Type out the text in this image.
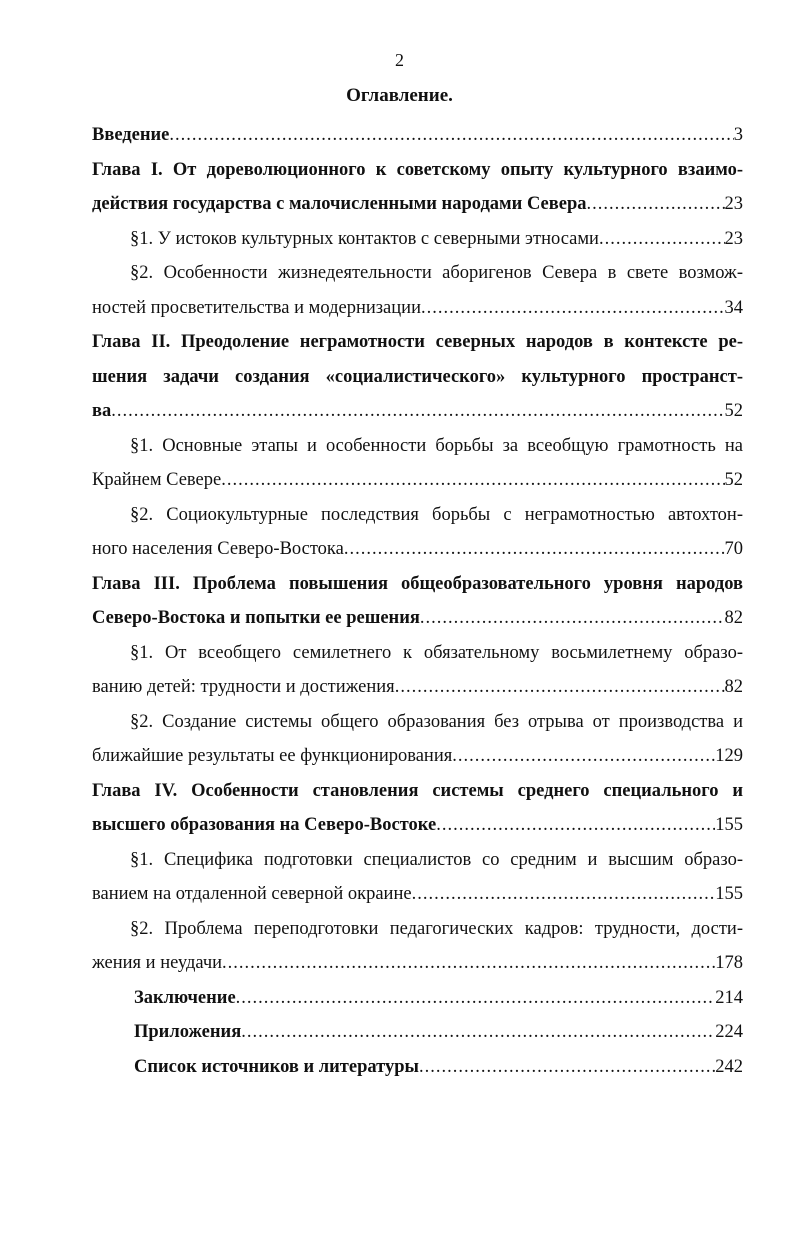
2
Оглавление.
Введение .....	3
Глава I. От дореволюционного к советскому опыту культурного взаимо-
действия государства с малочисленными народами Севера .....	23
§1. У истоков культурных контактов с северными этносами .....	23
§2. Особенности жизнедеятельности аборигенов Севера в свете возмож-
ностей просветительства и модернизации .....	34
Глава II. Преодоление неграмотности северных народов в контексте ре- шения задачи создания «социалистического» культурного пространст-
ва .....	52
§1. Основные этапы и особенности борьбы за всеобщую грамотность на
Крайнем Севере .....	52
§2. Социокультурные последствия борьбы с неграмотностью автохтон-
ного населения Северо-Востока .....	70
Глава III. Проблема повышения общеобразовательного уровня народов
Северо-Востока и попытки ее решения .....	82
§1. От всеобщего семилетнего к обязательному восьмилетнему образо-
ванию детей: трудности и достижения .....	82
§2. Создание системы общего образования без отрыва от производства и
ближайшие результаты ее функционирования .....	129
Глава IV. Особенности становления системы среднего специального и
высшего образования на Северо-Востоке .....	155
§1. Специфика подготовки специалистов со средним и высшим образо-
ванием на отдаленной северной окраине .....	155
§2. Проблема переподготовки педагогических кадров: трудности, дости-
жения и неудачи .....	178
Заключение .....	214
Приложения .....	224
Список источников и литературы .....	242
